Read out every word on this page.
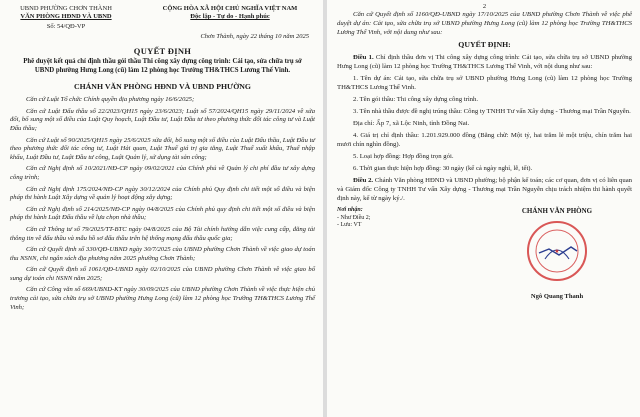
UBND PHƯỜNG CHƠN THÀNH
VĂN PHÒNG HĐND VÀ UBND
Số: 54/QĐ-VP
CỘNG HÒA XÃ HỘI CHỦ NGHĨA VIỆT NAM
Độc lập - Tự do - Hạnh phúc
Chơn Thành, ngày 22 tháng 10 năm 2025
QUYẾT ĐỊNH
Phê duyệt kết quả chỉ định thầu gói thầu Thi công xây dựng công trình: Cải tạo, sửa chữa trụ sở UBND phường Hưng Long (cũ) làm 12 phòng học Trường TH&THCS Lương Thế Vinh.
CHÁNH VĂN PHÒNG HĐND VÀ UBND PHƯỜNG
Căn cứ Luật Tổ chức Chính quyền địa phương ngày 16/6/2025;
Căn cứ Luật Đấu thầu số 22/2023/QH15 ngày 23/6/2023; Luật số 57/2024/QH15 ngày 29/11/2024 về sửa đổi, bổ sung một số điều của Luật Quy hoạch, Luật Đầu tư, Luật Đầu tư theo phương thức đối tác công tư và Luật Đấu thầu;
Căn cứ Luật số 90/2025/QH15 ngày 25/6/2025 sửa đổi, bổ sung một số điều của Luật Đấu thầu, Luật Đầu tư theo phương thức đối tác công tư, Luật Hải quan, Luật Thuế giá trị gia tăng, Luật Thuế xuất khẩu, Thuế nhập khẩu, Luật Đầu tư, Luật Đầu tư công, Luật Quản lý, sử dụng tài sản công;
Căn cứ Nghị định số 10/2021/NĐ-CP ngày 09/02/2021 của Chính phủ về Quản lý chi phí đầu tư xây dựng công trình;
Căn cứ Nghị định 175/2024/NĐ-CP ngày 30/12/2024 của Chính phủ Quy định chi tiết một số điều và biện pháp thi hành Luật Xây dựng về quản lý hoạt động xây dựng;
Căn cứ Nghị định số 214/2025/NĐ-CP ngày 04/8/2025 của Chính phủ quy định chi tiết một số điều và biện pháp thi hành Luật Đấu thầu về lựa chọn nhà thầu;
Căn cứ Thông tư số 79/2025/TT-BTC ngày 04/8/2025 của Bộ Tài chính hướng dẫn việc cung cấp, đăng tải thông tin về đấu thầu và mẫu hồ sơ đấu thầu trên hệ thống mạng đấu thầu quốc gia;
Căn cứ Quyết định số 330/QĐ-UBND ngày 30/7/2025 của UBND phường Chơn Thành về việc giao dự toán thu NSNN, chi ngân sách địa phương năm 2025 phường Chơn Thành;
Căn cứ Quyết định số 1061/QĐ-UBND ngày 02/10/2025 của UBND phường Chơn Thành về việc giao bổ sung dự toán chi NSNN năm 2025;
Căn cứ Công văn số 669/UBND-KT ngày 30/09/2025 của UBND phường Chơn Thành về việc thực hiện chủ trương cải tạo, sửa chữa trụ sở UBND phường Hưng Long (cũ) làm 12 phòng học Trường TH&THCS Lương Thế Vinh;
2
Căn cứ Quyết định số 1160/QĐ-UBND ngày 17/10/2025 của UBND phường Chơn Thành về việc phê duyệt dự án: Cải tạo, sửa chữa trụ sở UBND phường Hưng Long (cũ) làm 12 phòng học Trường TH&THCS Lương Thế Vinh, với nội dung như sau:
QUYẾT ĐỊNH:
Điều 1. Chỉ định thầu đơn vị Thi công xây dựng công trình: Cải tạo, sửa chữa trụ sở UBND phường Hưng Long (cũ) làm 12 phòng học Trường TH&THCS Lương Thế Vinh, với nội dung như sau:
1. Tên dự án: Cải tạo, sửa chữa trụ sở UBND phường Hưng Long (cũ) làm 12 phòng học Trường TH&THCS Lương Thế Vinh.
2. Tên gói thầu: Thi công xây dựng công trình.
3. Tên nhà thầu được đề nghị trúng thầu: Công ty TNHH Tư vấn Xây dựng - Thương mại Trần Nguyễn.
Địa chỉ: Ấp 7, xã Lộc Ninh, tỉnh Đồng Nai.
4. Giá trị chỉ định thầu: 1.201.929.000 đồng (Bằng chữ: Một tỷ, hai trăm lẻ một triệu, chín trăm hai mươi chín nghìn đồng).
5. Loại hợp đồng: Hợp đồng trọn gói.
6. Thời gian thực hiện hợp đồng: 30 ngày (kể cả ngày nghỉ, lễ, tết).
Điều 2. Chánh Văn phòng HĐND và UBND phường; bộ phận kế toán; các cơ quan, đơn vị có liên quan và Giám đốc Công ty TNHH Tư vấn Xây dựng - Thương mại Trần Nguyễn chịu trách nhiệm thi hành quyết định này, kể từ ngày ký./.
Nơi nhận:
- Như Điều 2;
- Lưu: VT
CHÁNH VĂN PHÒNG
★
Ngô Quang Thanh
